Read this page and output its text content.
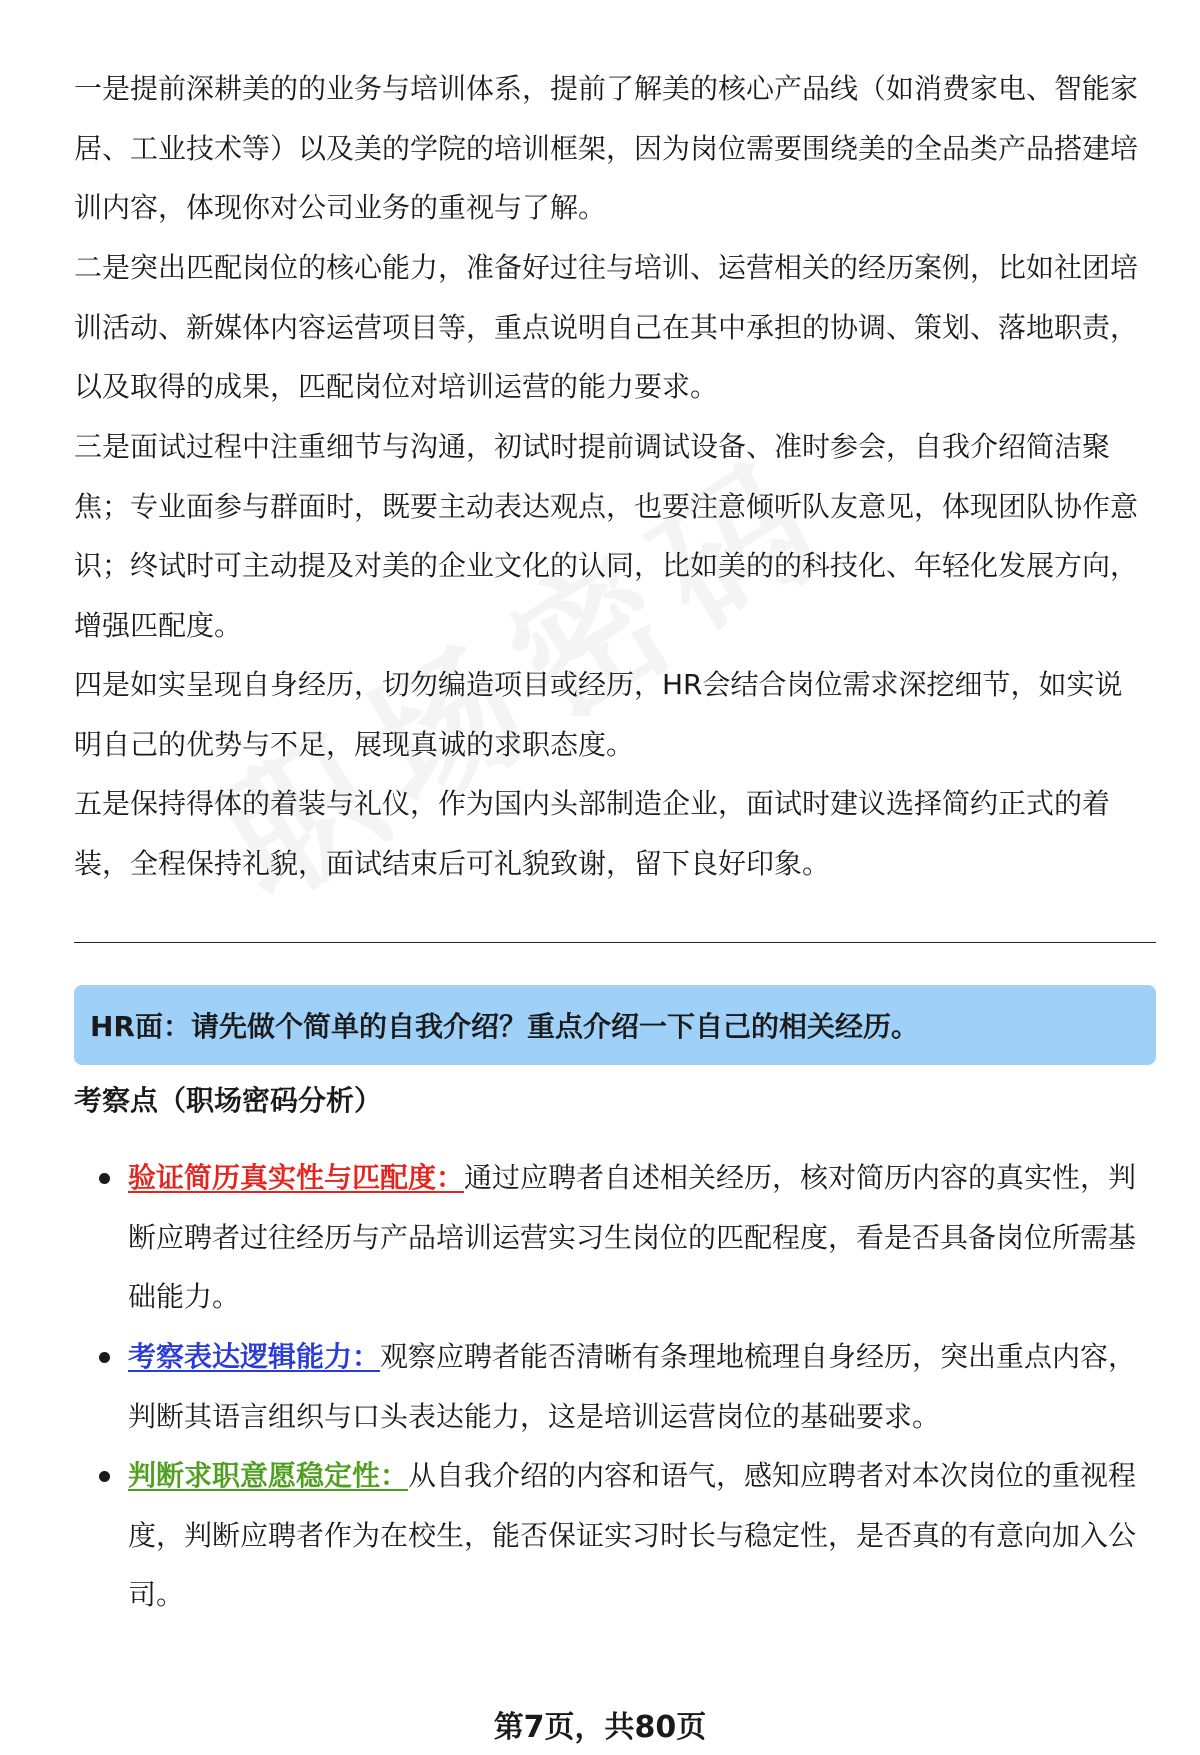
一是提前深耕美的的业务与培训体系，提前了解美的核心产品线（如消费家电、智能家居、工业技术等）以及美的学院的培训框架，因为岗位需要围绕美的全品类产品搭建培训内容，体现你对公司业务的重视与了解。

二是突出匹配岗位的核心能力，准备好过往与培训、运营相关的经历案例，比如社团培训活动、新媒体内容运营项目等，重点说明自己在其中承担的协调、策划、落地职责，以及取得的成果，匹配岗位对培训运营的能力要求。

三是面试过程中注重细节与沟通，初试时提前调试设备、准时参会，自我介绍简洁聚焦；专业面参与群面时，既要主动表达观点，也要注意倾听队友意见，体现团队协作意识；终试时可主动提及对美的企业文化的认同，比如美的的科技化、年轻化发展方向，增强匹配度。

四是如实呈现自身经历，切勿编造项目或经历，HR会结合岗位需求深挖细节，如实说明自己的优势与不足，展现真诚的求职态度。

五是保持得体的着装与礼仪，作为国内头部制造企业，面试时建议选择简约正式的着装，全程保持礼貌，面试结束后可礼貌致谢，留下良好印象。

HR面：请先做个简单的自我介绍？重点介绍一下自己的相关经历。
考察点（职场密码分析）
验证简历真实性与匹配度：通过应聘者自述相关经历，核对简历内容的真实性，判断应聘者过往经历与产品培训运营实习生岗位的匹配程度，看是否具备岗位所需基础能力。
考察表达逻辑能力：观察应聘者能否清晰有条理地梳理自身经历，突出重点内容，判断其语言组织与口头表达能力，这是培训运营岗位的基础要求。
判断求职意愿稳定性：从自我介绍的内容和语气，感知应聘者对本次岗位的重视程度，判断应聘者作为在校生，能否保证实习时长与稳定性，是否真的有意向加入公司。
第7页，共80页
